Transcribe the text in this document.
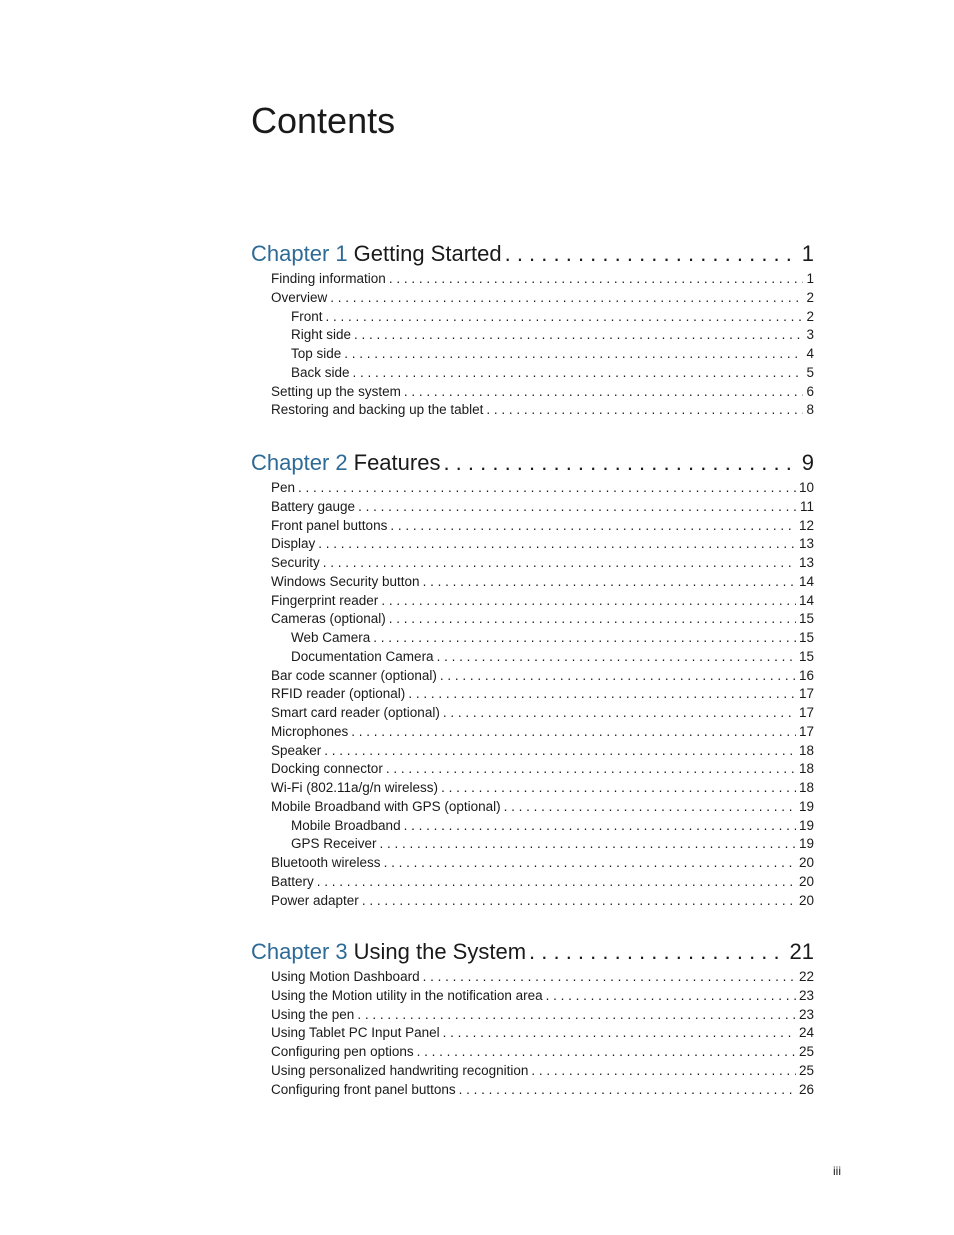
Contents
Chapter 1 Getting Started . . .	1
Finding information . . .	1
Overview . . .	2
Front . . .	2
Right side . . .	3
Top side . . .	4
Back side . . .	5
Setting up the system . . .	6
Restoring and backing up the tablet . . .	8
Chapter 2 Features . . .	9
Pen . . .	10
Battery gauge . . .	11
Front panel buttons . . .	12
Display . . .	13
Security . . .	13
Windows Security button . . .	14
Fingerprint reader . . .	14
Cameras (optional) . . .	15
Web Camera . . .	15
Documentation Camera . . .	15
Bar code scanner (optional) . . .	16
RFID reader (optional) . . .	17
Smart card reader (optional) . . .	17
Microphones . . .	17
Speaker . . .	18
Docking connector . . .	18
Wi-Fi (802.11a/g/n wireless) . . .	18
Mobile Broadband with GPS (optional) . . .	19
Mobile Broadband . . .	19
GPS Receiver . . .	19
Bluetooth wireless . . .	20
Battery . . .	20
Power adapter . . .	20
Chapter 3 Using the System . . .	21
Using Motion Dashboard . . .	22
Using the Motion utility in the notification area . . .	23
Using the pen . . .	23
Using Tablet PC Input Panel . . .	24
Configuring pen options . . .	25
Using personalized handwriting recognition . . .	25
Configuring front panel buttons . . .	26
iii
